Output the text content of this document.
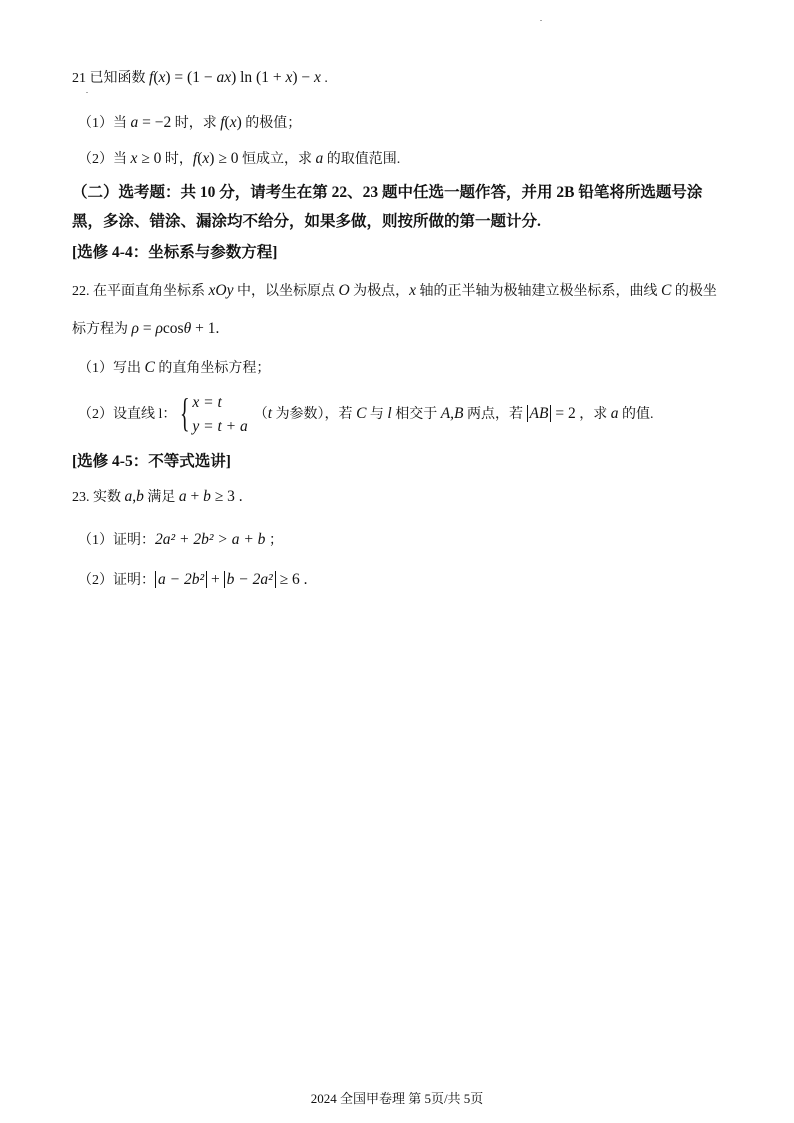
.
.
21 已知函数 f(x) = (1 − ax) ln (1 + x) − x .
（1）当 a = −2 时，求 f(x) 的极值；
（2）当 x ≥ 0 时，f(x) ≥ 0 恒成立，求 a 的取值范围.
（二）选考题：共 10 分，请考生在第 22、23 题中任选一题作答，并用 2B 铅笔将所选题号涂
黑，多涂、错涂、漏涂均不给分，如果多做，则按所做的第一题计分.
[选修 4-4：坐标系与参数方程]
22. 在平面直角坐标系 xOy 中，以坐标原点 O 为极点，x 轴的正半轴为极轴建立极坐标系，曲线 C 的极坐
标方程为 ρ = ρcosθ + 1.
（1）写出 C 的直角坐标方程；
（2）设直线 l： { x = t
y = t + a
（t 为参数），若 C 与 l 相交于 A,B 两点，若 AB = 2 ，求 a 的值.
[选修 4-5：不等式选讲]
23. 实数 a,b 满足 a + b ≥ 3 .
（1）证明：2a² + 2b² > a + b ；
（2）证明： a − 2b² + b − 2a² ≥ 6 .
2024 全国甲卷理 第 5页/共 5页
